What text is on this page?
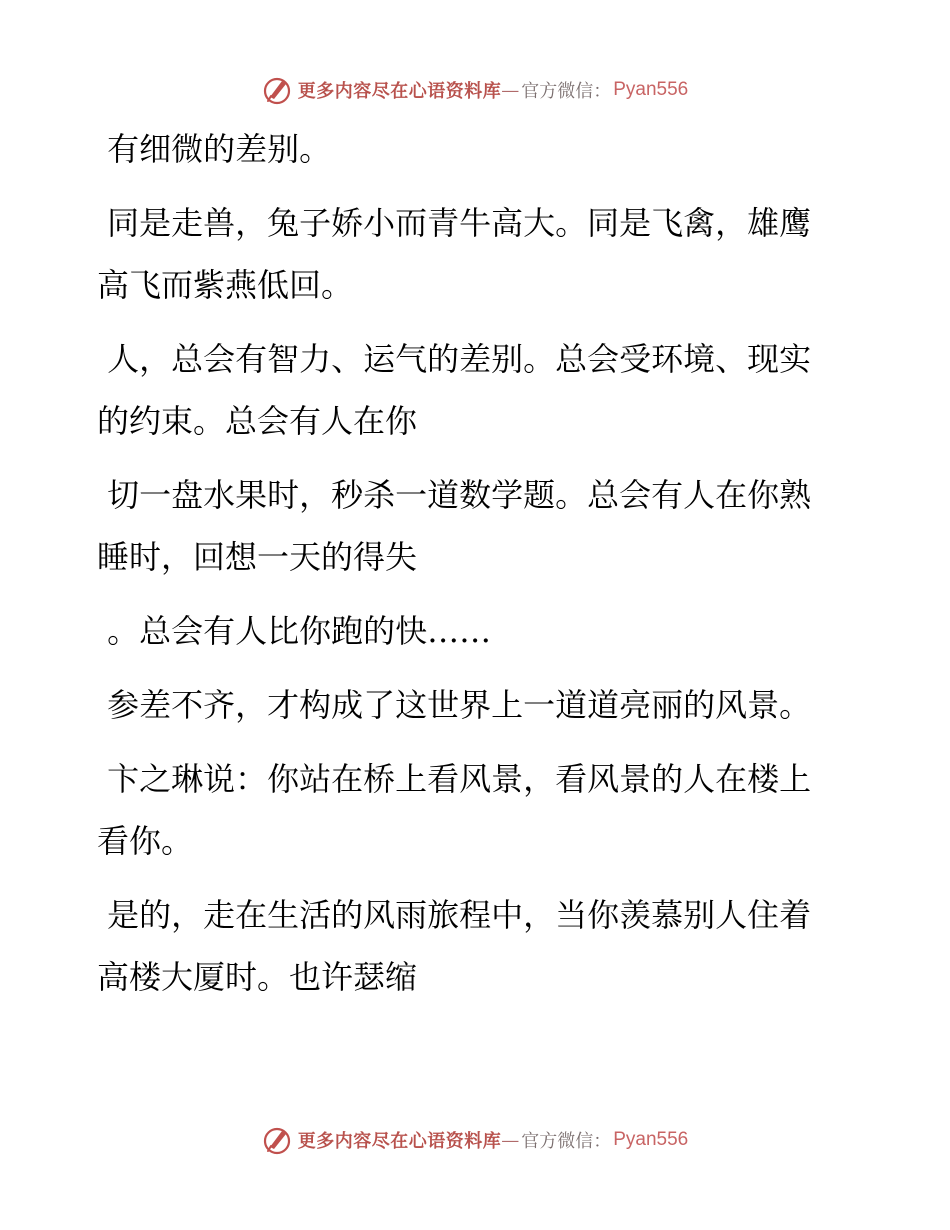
更多内容尽在心语资料库 — 官方微信： Pyan556

有细微的差别。

同是走兽，兔子娇小而青牛高大。同是飞禽，雄鹰高飞而紫燕低回。

人，总会有智力、运气的差别。总会受环境、现实的约束。总会有人在你

切一盘水果时，秒杀一道数学题。总会有人在你熟睡时，回想一天的得失

。总会有人比你跑的快……

参差不齐，才构成了这世界上一道道亮丽的风景。

卞之琳说：你站在桥上看风景，看风景的人在楼上看你。

是的，走在生活的风雨旅程中，当你羡慕别人住着高楼大厦时。也许瑟缩

更多内容尽在心语资料库 — 官方微信： Pyan556
